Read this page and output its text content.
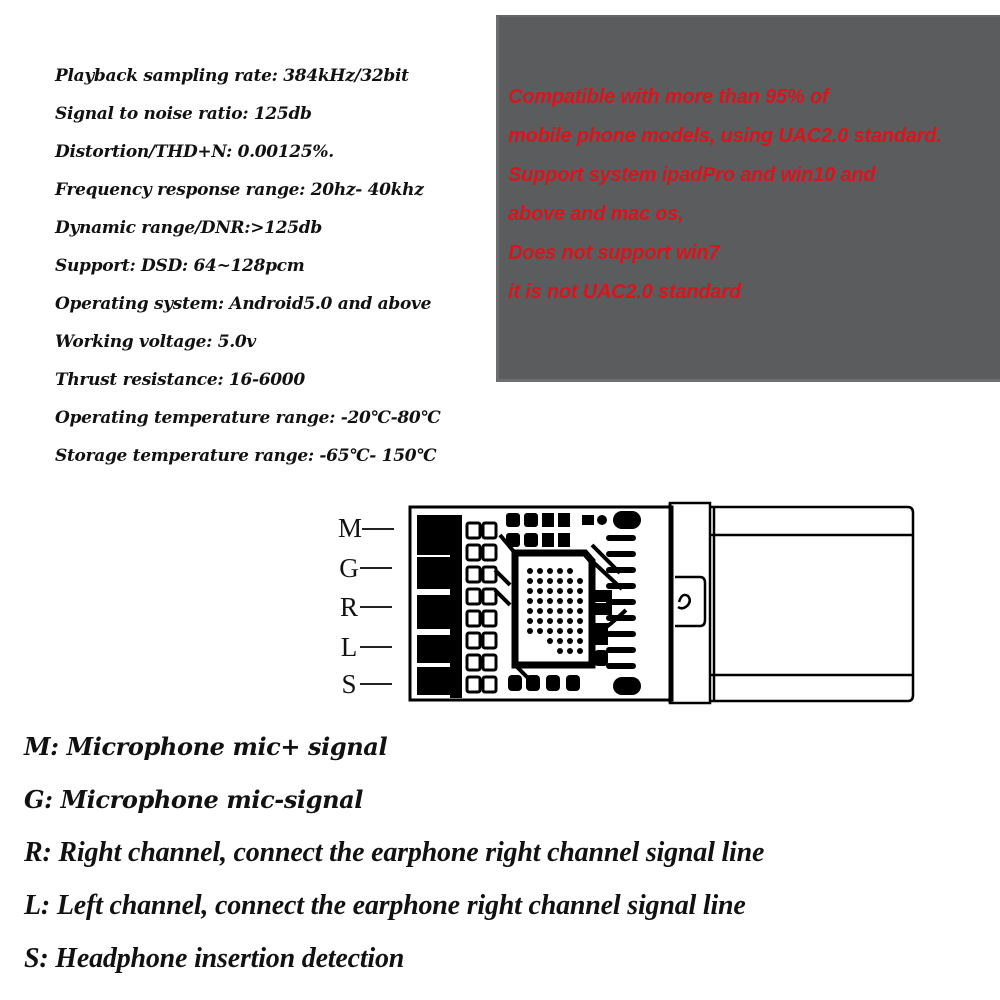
Playback sampling rate: 384kHz/32bit
Signal to noise ratio: 125db
Distortion/THD+N: 0.00125%.
Frequency response range: 20hz- 40khz
Dynamic range/DNR:>125db
Support: DSD: 64~128pcm
Operating system: Android5.0 and above
Working voltage: 5.0v
Thrust resistance: 16-6000
Operating temperature range: -20℃-80℃
Storage temperature range: -65℃- 150℃
Compatible with more than 95% of
mobile phone models, using UAC2.0 standard.
Support system ipadPro and win10 and
above and mac os,
Does not support win7
it is not UAC2.0 standard
M
G
R
L
S
M: Microphone mic+ signal
G: Microphone mic-signal
R: Right channel, connect the earphone right channel signal line
L: Left channel, connect the earphone right channel signal line
S: Headphone insertion detection
